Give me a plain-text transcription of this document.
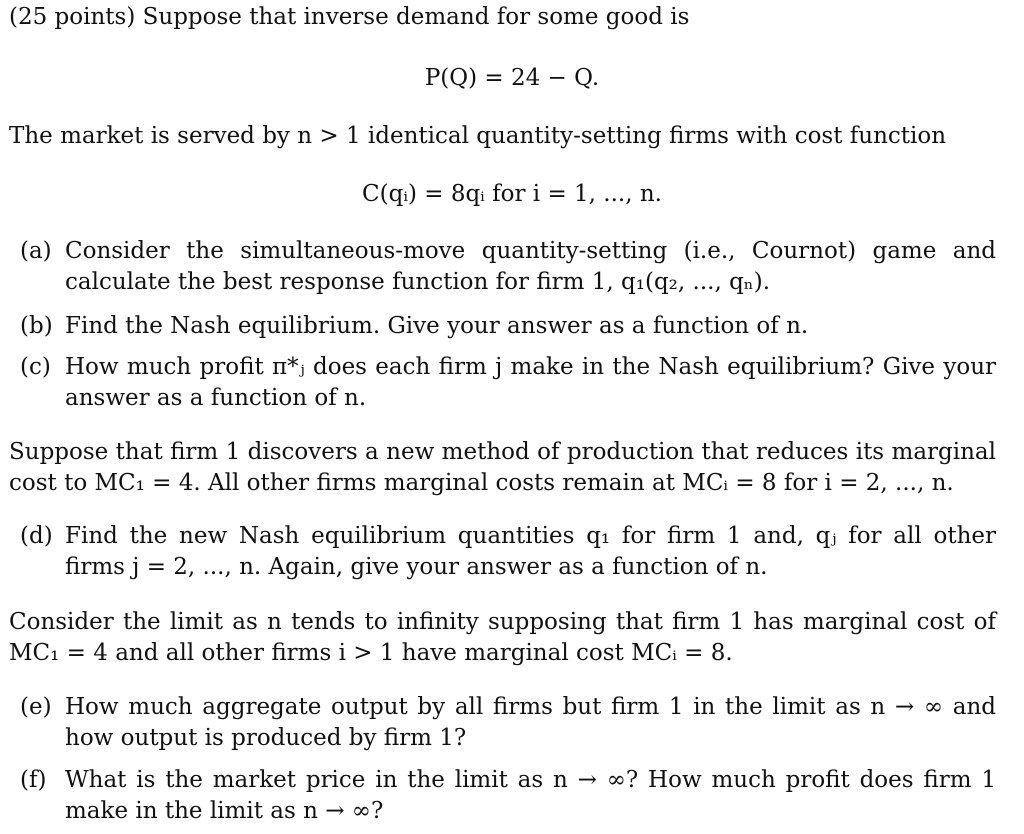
(25 points) Suppose that inverse demand for some good is
P(Q) = 24 − Q.
The market is served by n > 1 identical quantity-setting firms with cost function
C(qᵢ) = 8qᵢ for i = 1, ..., n.
(a) Consider the simultaneous-move quantity-setting (i.e., Cournot) game and calculate the best response function for firm 1, q₁(q₂, ..., qₙ).
(b) Find the Nash equilibrium. Give your answer as a function of n.
(c) How much profit π*ⱼ does each firm j make in the Nash equilibrium? Give your answer as a function of n.
Suppose that firm 1 discovers a new method of production that reduces its marginal cost to MC₁ = 4. All other firms marginal costs remain at MCᵢ = 8 for i = 2, ..., n.
(d) Find the new Nash equilibrium quantities q₁ for firm 1 and, qⱼ for all other firms j = 2, ..., n. Again, give your answer as a function of n.
Consider the limit as n tends to infinity supposing that firm 1 has marginal cost of MC₁ = 4 and all other firms i > 1 have marginal cost MCᵢ = 8.
(e) How much aggregate output by all firms but firm 1 in the limit as n → ∞ and how output is produced by firm 1?
(f) What is the market price in the limit as n → ∞? How much profit does firm 1 make in the limit as n → ∞?
